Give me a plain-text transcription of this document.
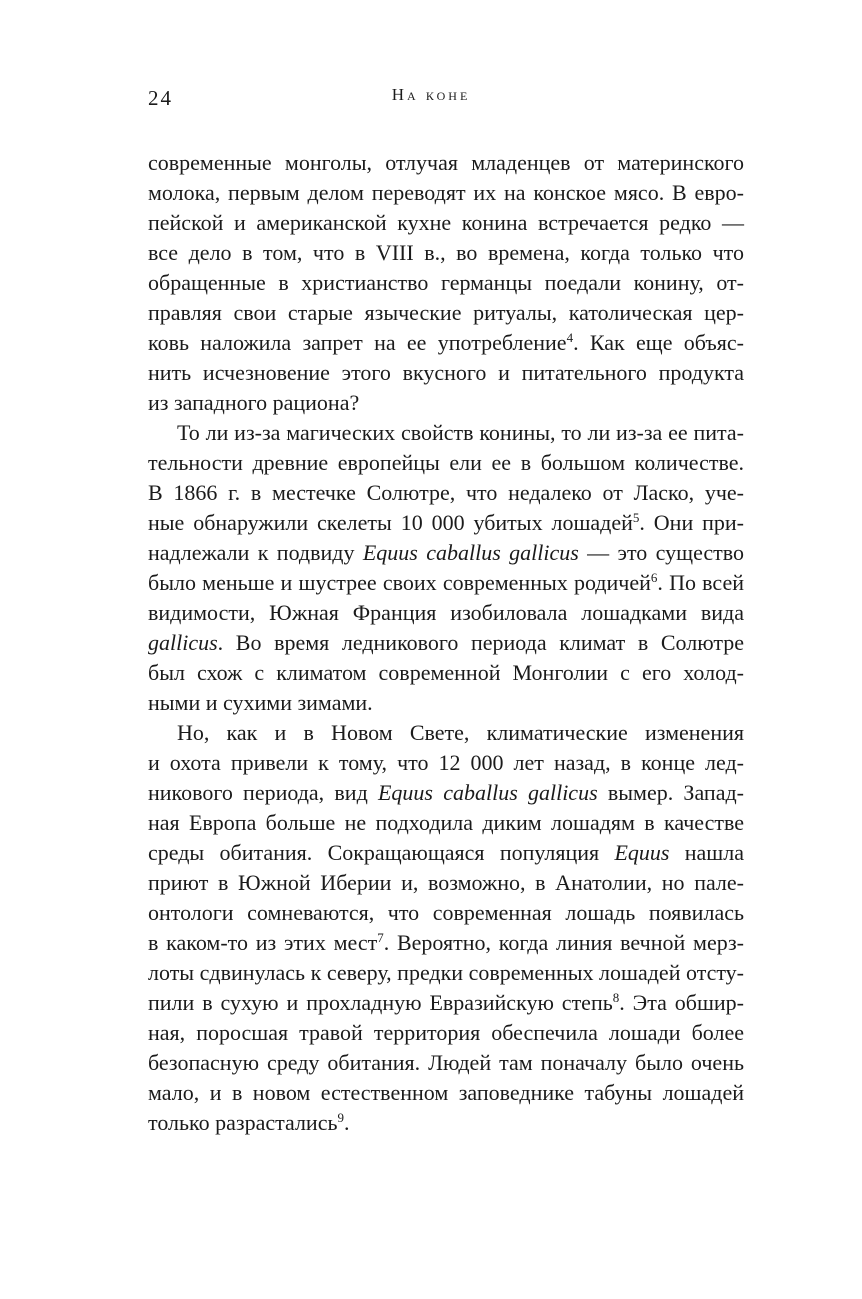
24	На коне
современные монголы, отлучая младенцев от материнского
молока, первым делом переводят их на конское мясо. В евро-
пейской и американской кухне конина встречается редко —
все дело в том, что в VIII в., во времена, когда только что
обращенные в христианство германцы поедали конину, от-
правляя свои старые языческие ритуалы, католическая цер-
ковь наложила запрет на ее употребление$^4$. Как еще объяс-
нить исчезновение этого вкусного и питательного продукта
из западного рациона?
То ли из-за магических свойств конины, то ли из-за ее пита-
тельности древние европейцы ели ее в большом количестве.
В 1866 г. в местечке Солютре, что недалеко от Ласко, уче-
ные обнаружили скелеты 10 000 убитых лошадей$^5$. Они при-
надлежали к подвиду Equus caballus gallicus — это существо
было меньше и шустрее своих современных родичей$^6$. По всей
видимости, Южная Франция изобиловала лошадками вида
gallicus. Во время ледникового периода климат в Солютре
был схож с климатом современной Монголии с его холод-
ными и сухими зимами.
Но, как и в Новом Свете, климатические изменения
и охота привели к тому, что 12 000 лет назад, в конце лед-
никового периода, вид Equus caballus gallicus вымер. Запад-
ная Европа больше не подходила диким лошадям в качестве
среды обитания. Сокращающаяся популяция Equus нашла
приют в Южной Иберии и, возможно, в Анатолии, но пале-
онтологи сомневаются, что современная лошадь появилась
в каком-то из этих мест$^7$. Вероятно, когда линия вечной мерз-
лоты сдвинулась к северу, предки современных лошадей отсту-
пили в сухую и прохладную Евразийскую степь$^8$. Эта обшир-
ная, поросшая травой территория обеспечила лошади более
безопасную среду обитания. Людей там поначалу было очень
мало, и в новом естественном заповеднике табуны лошадей
только разрастались$^9$.
